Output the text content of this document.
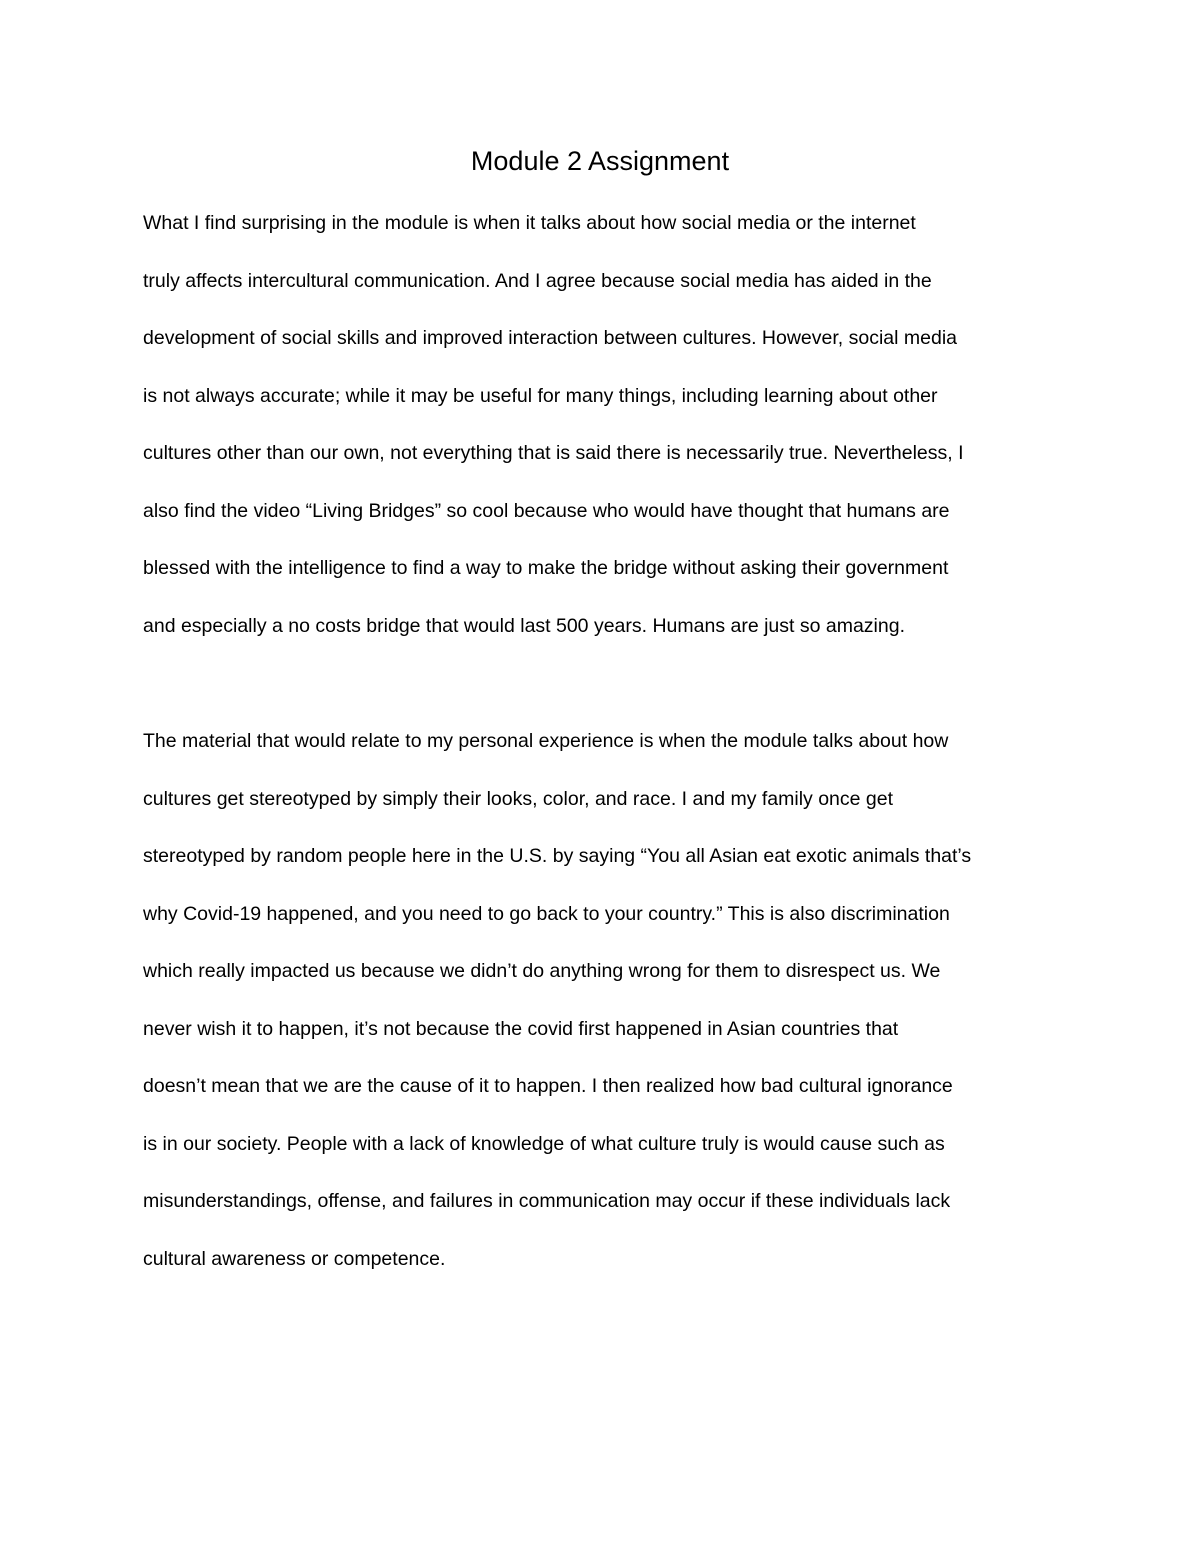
Module 2 Assignment
What I find surprising in the module is when it talks about how social media or the internet
truly affects intercultural communication. And I agree because social media has aided in the
development of social skills and improved interaction between cultures. However, social media
is not always accurate; while it may be useful for many things, including learning about other
cultures other than our own, not everything that is said there is necessarily true. Nevertheless, I
also find the video “Living Bridges” so cool because who would have thought that humans are
blessed with the intelligence to find a way to make the bridge without asking their government
and especially a no costs bridge that would last 500 years. Humans are just so amazing.
The material that would relate to my personal experience is when the module talks about how
cultures get stereotyped by simply their looks, color, and race. I and my family once get
stereotyped by random people here in the U.S. by saying “You all Asian eat exotic animals that’s
why Covid-19 happened, and you need to go back to your country.” This is also discrimination
which really impacted us because we didn’t do anything wrong for them to disrespect us. We
never wish it to happen, it’s not because the covid first happened in Asian countries that
doesn’t mean that we are the cause of it to happen. I then realized how bad cultural ignorance
is in our society. People with a lack of knowledge of what culture truly is would cause such as
misunderstandings, offense, and failures in communication may occur if these individuals lack
cultural awareness or competence.
